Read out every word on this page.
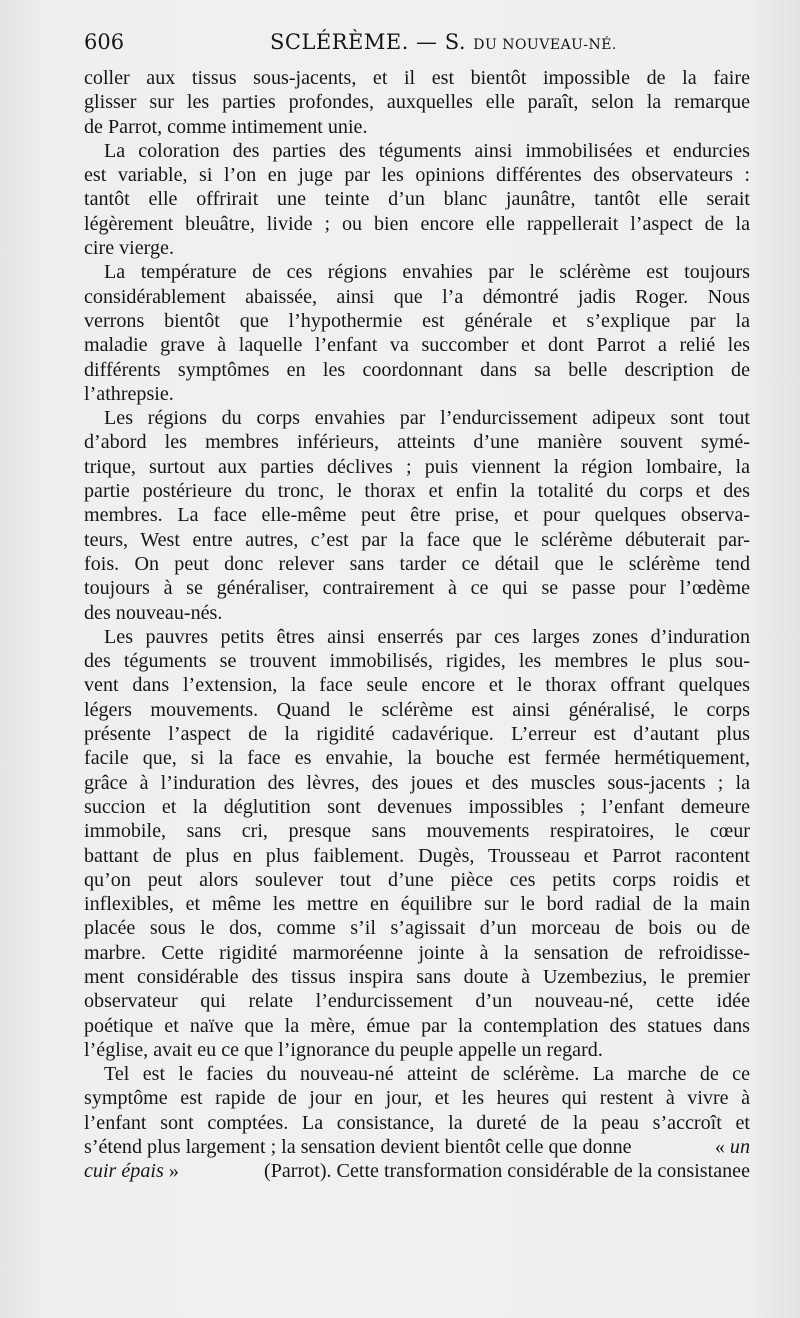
606	SCLÉRÈME. — S. DU NOUVEAU-NÉ.

coller aux tissus sous-jacents, et il est bientôt impossible de la faire
glisser sur les parties profondes, auxquelles elle paraît, selon la remarque
de Parrot, comme intimement unie.

La coloration des parties des téguments ainsi immobilisées et endurcies
est variable, si l’on en juge par les opinions différentes des observateurs :
tantôt elle offrirait une teinte d’un blanc jaunâtre, tantôt elle serait
légèrement bleuâtre, livide ; ou bien encore elle rappellerait l’aspect de la
cire vierge.

La température de ces régions envahies par le sclérème est toujours
considérablement abaissée, ainsi que l’a démontré jadis Roger. Nous
verrons bientôt que l’hypothermie est générale et s’explique par la
maladie grave à laquelle l’enfant va succomber et dont Parrot a relié les
différents symptômes en les coordonnant dans sa belle description de
l’athrepsie.

Les régions du corps envahies par l’endurcissement adipeux sont tout
d’abord les membres inférieurs, atteints d’une manière souvent symé-
trique, surtout aux parties déclives ; puis viennent la région lombaire, la
partie postérieure du tronc, le thorax et enfin la totalité du corps et des
membres. La face elle-même peut être prise, et pour quelques observa-
teurs, West entre autres, c’est par la face que le sclérème débuterait par-
fois. On peut donc relever sans tarder ce détail que le sclérème tend
toujours à se généraliser, contrairement à ce qui se passe pour l’œdème
des nouveau-nés.

Les pauvres petits êtres ainsi enserrés par ces larges zones d’induration
des téguments se trouvent immobilisés, rigides, les membres le plus sou-
vent dans l’extension, la face seule encore et le thorax offrant quelques
légers mouvements. Quand le sclérème est ainsi généralisé, le corps
présente l’aspect de la rigidité cadavérique. L’erreur est d’autant plus
facile que, si la face es envahie, la bouche est fermée hermétiquement,
grâce à l’induration des lèvres, des joues et des muscles sous-jacents ; la
succion et la déglutition sont devenues impossibles ; l’enfant demeure
immobile, sans cri, presque sans mouvements respiratoires, le cœur
battant de plus en plus faiblement. Dugès, Trousseau et Parrot racontent
qu’on peut alors soulever tout d’une pièce ces petits corps roidis et
inflexibles, et même les mettre en équilibre sur le bord radial de la main
placée sous le dos, comme s’il s’agissait d’un morceau de bois ou de
marbre. Cette rigidité marmoréenne jointe à la sensation de refroidisse-
ment considérable des tissus inspira sans doute à Uzembezius, le premier
observateur qui relate l’endurcissement d’un nouveau-né, cette idée
poétique et naïve que la mère, émue par la contemplation des statues dans
l’église, avait eu ce que l’ignorance du peuple appelle un regard.

Tel est le facies du nouveau-né atteint de sclérème. La marche de ce
symptôme est rapide de jour en jour, et les heures qui restent à vivre à
l’enfant sont comptées. La consistance, la dureté de la peau s’accroît et
s’étend plus largement ; la sensation devient bientôt celle que donne	« un
cuir épais »	(Parrot). Cette transformation considérable de la consistanee
